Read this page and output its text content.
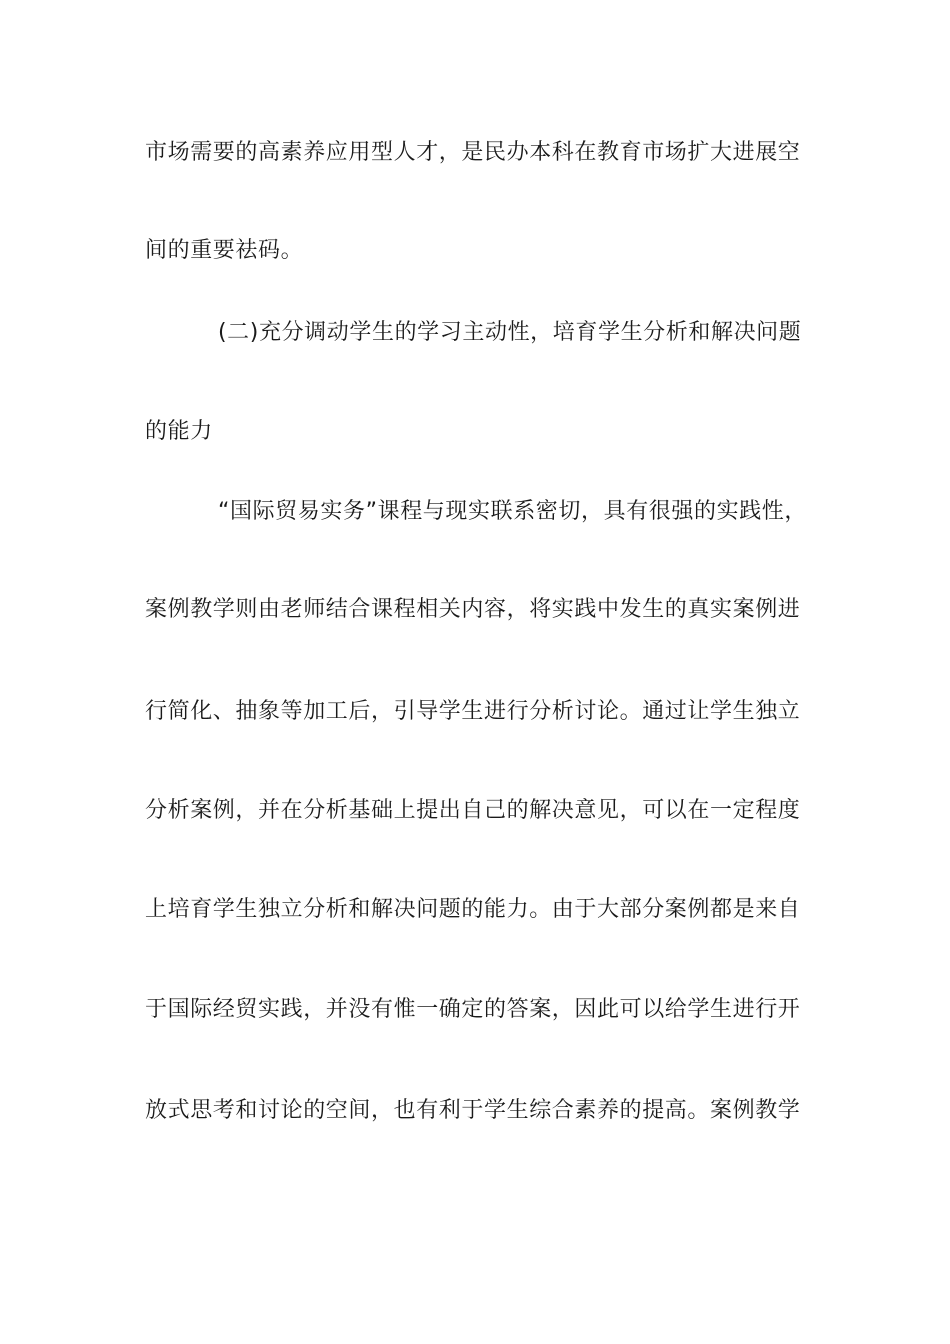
市场需要的高素养应用型人才，是民办本科在教育市场扩大进展空
间的重要祛码。
(二)充分调动学生的学习主动性，培育学生分析和解决问题
的能力
“国际贸易实务”课程与现实联系密切，具有很强的实践性，
案例教学则由老师结合课程相关内容，将实践中发生的真实案例进
行简化、抽象等加工后，引导学生进行分析讨论。通过让学生独立
分析案例，并在分析基础上提出自己的解决意见，可以在一定程度
上培育学生独立分析和解决问题的能力。由于大部分案例都是来自
于国际经贸实践，并没有惟一确定的答案，因此可以给学生进行开
放式思考和讨论的空间，也有利于学生综合素养的提高。案例教学
